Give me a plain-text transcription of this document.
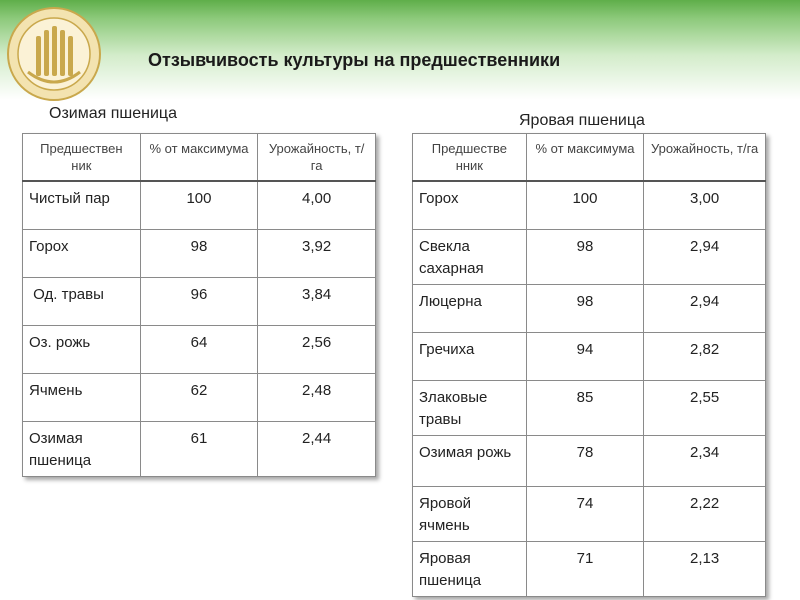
Отзывчивость культуры на предшественники
Озимая пшеница	Яровая пшеница
Предшествен ник	% от максимума	Урожайность, т/га
Чистый пар	100	4,00
Горох	98	3,92
Од. травы	96	3,84
Оз. рожь	64	2,56
Ячмень	62	2,48
Озимая пшеница	61	2,44
Предшестве нник	% от максимума	Урожайность, т/га
Горох	100	3,00
Свекла сахарная	98	2,94
Люцерна	98	2,94
Гречиха	94	2,82
Злаковые травы	85	2,55
Озимая рожь	78	2,34
Яровой ячмень	74	2,22
Яровая пшеница	71	2,13
